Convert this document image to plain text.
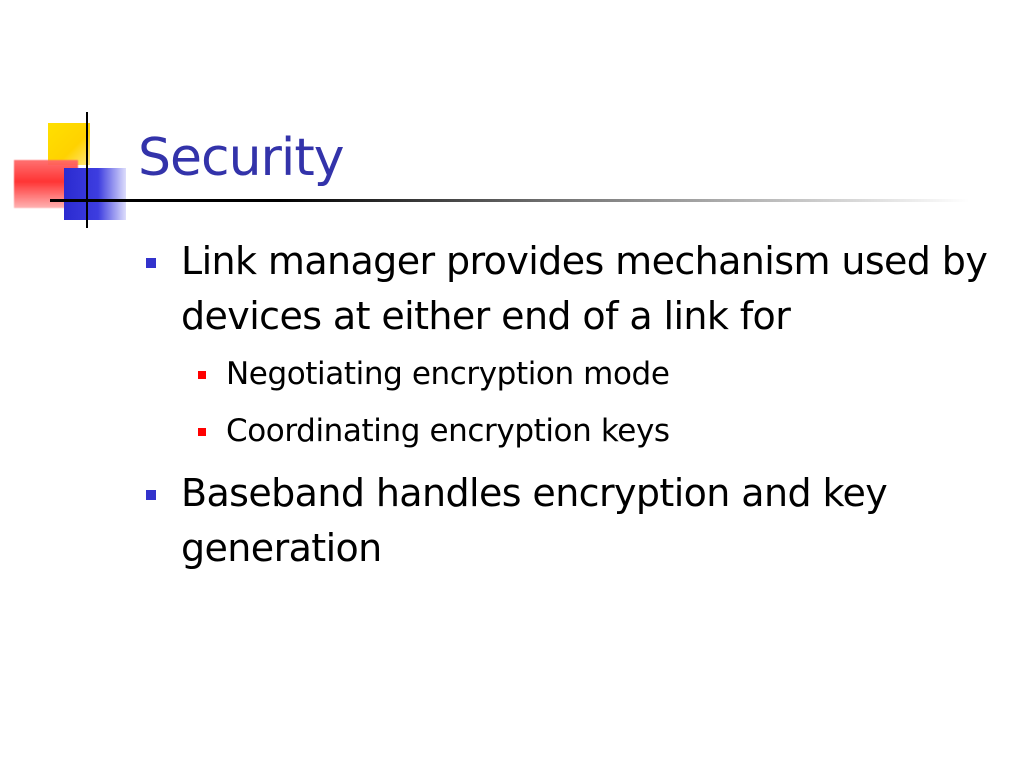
Security
Link manager provides mechanism used by devices at either end of a link for
Negotiating encryption mode
Coordinating encryption keys
Baseband handles encryption and key generation
